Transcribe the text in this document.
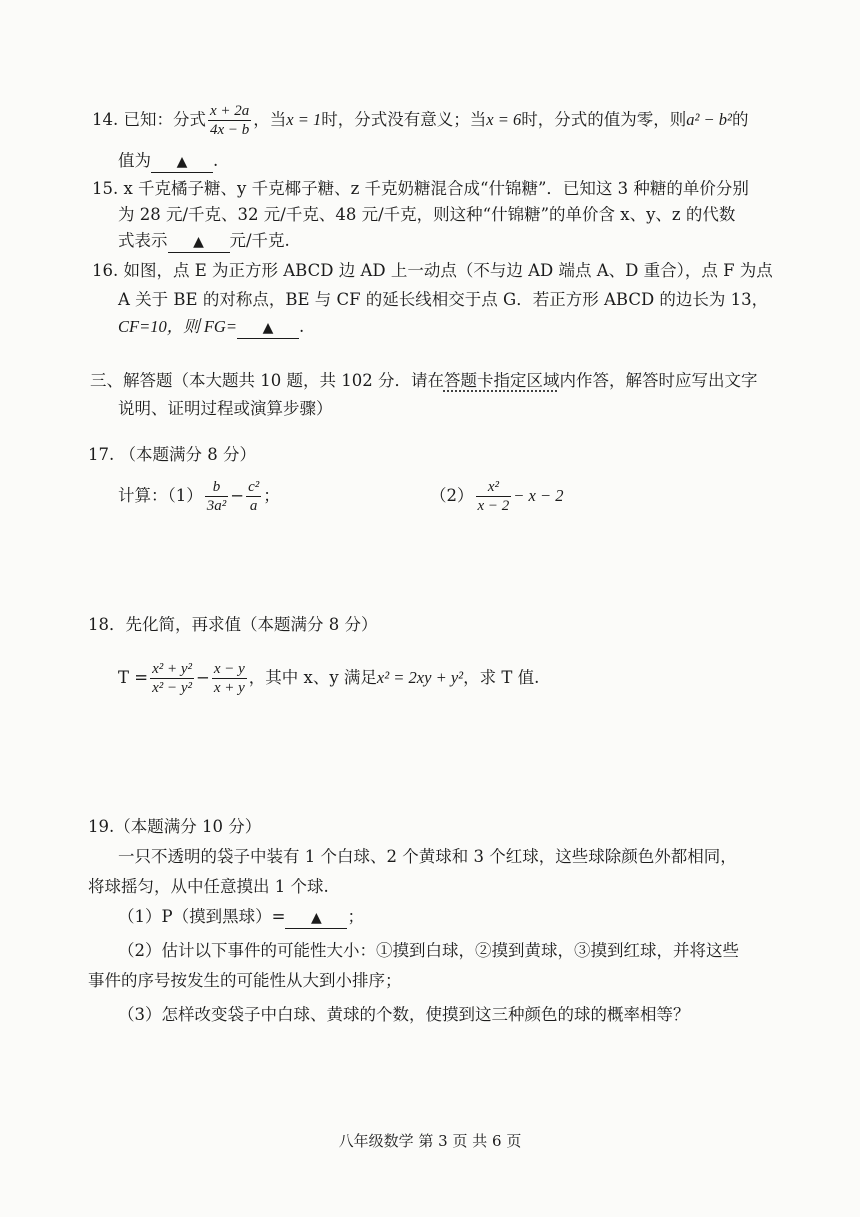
14. 已知：分式 $\frac{x + 2a}{4x - b}$ ，当x = 1时，分式没有意义；当x = 6时，分式的值为零，则a² − b²的
值为 ▲ .
15. x 千克橘子糖、y 千克椰子糖、z 千克奶糖混合成“什锦糖”．已知这 3 种糖的单价分别
为 28 元/千克、32 元/千克、48 元/千克，则这种“什锦糖”的单价含 x、y、z 的代数
式表示 ▲ 元/千克.
16. 如图，点 E 为正方形 ABCD 边 AD 上一动点（不与边 AD 端点 A、D 重合），点 F 为点
A 关于 BE 的对称点，BE 与 CF 的延长线相交于点 G．若正方形 ABCD 的边长为 13，
CF=10，则 FG= ▲ .
三、解答题（本大题共 10 题，共 102 分．请在答题卡指定区域内作答，解答时应写出文字
说明、证明过程或演算步骤）
17. （本题满分 8 分）
计算：$(1) \frac{b}{\text{3a²}} - \frac{\text{c²}}{a}$ ；	$(2) \frac{\text{x²}}{x - 2} - x - 2$
18．先化简，再求值（本题满分 8 分）
$T = \frac{\text{x² + y²}}{\text{x² − y²}} - \frac{x - y}{x + y}$ ，其中 x、y 满足x² = 2xy + y²，求 T 值.
19.（本题满分 10 分）
一只不透明的袋子中装有 1 个白球、2 个黄球和 3 个红球，这些球除颜色外都相同，
将球摇匀，从中任意摸出 1 个球.
（1）P（摸到黑球）= ▲ ；
（2）估计以下事件的可能性大小：①摸到白球，②摸到黄球，③摸到红球，并将这些
事件的序号按发生的可能性从大到小排序；
（3）怎样改变袋子中白球、黄球的个数，使摸到这三种颜色的球的概率相等？
八年级数学 第 3 页 共 6 页
